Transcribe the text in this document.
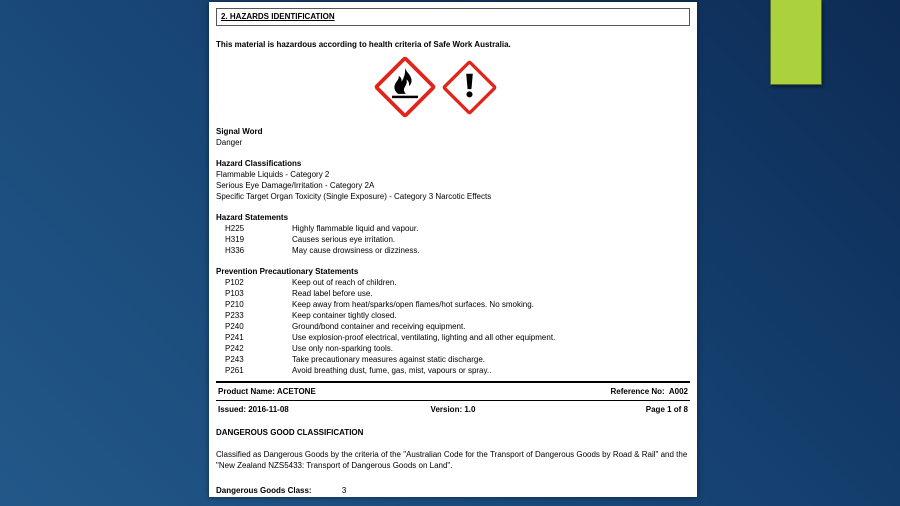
2. HAZARDS IDENTIFICATION
This material is hazardous according to health criteria of Safe Work Australia.
Signal Word
Danger
Hazard Classifications
Flammable Liquids - Category 2
Serious Eye Damage/Irritation - Category 2A
Specific Target Organ Toxicity (Single Exposure) - Category 3 Narcotic Effects
Hazard Statements
H225	Highly flammable liquid and vapour.
H319	Causes serious eye irritation.
H336	May cause drowsiness or dizziness.
Prevention Precautionary Statements
P102	Keep out of reach of children.
P103	Read label before use.
P210	Keep away from heat/sparks/open flames/hot surfaces. No smoking.
P233	Keep container tightly closed.
P240	Ground/bond container and receiving equipment.
P241	Use explosion-proof electrical, ventilating, lighting and all other equipment.
P242	Use only non-sparking tools.
P243	Take precautionary measures against static discharge.
P261	Avoid breathing dust, fume, gas, mist, vapours or spray..
Product Name: ACETONE	Reference No:  A002
Issued: 2016-11-08	Version: 1.0	Page 1 of 8
DANGEROUS GOOD CLASSIFICATION
Classified as Dangerous Goods by the criteria of the "Australian Code for the Transport of Dangerous Goods by Road & Rail" and the "New Zealand NZS5433: Transport of Dangerous Goods on Land".
Dangerous Goods Class:	3
